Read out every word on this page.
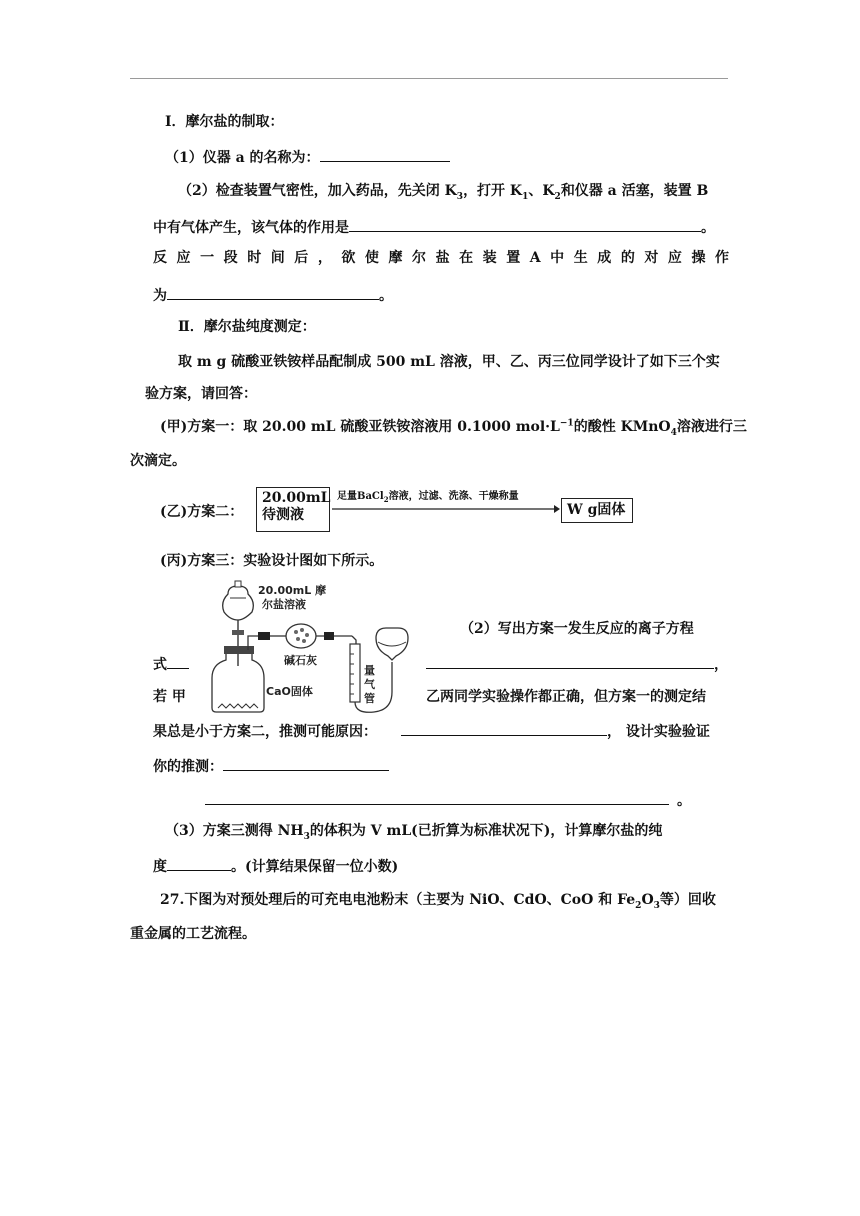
Ⅰ．摩尔盐的制取：
（1）仪器 a 的名称为：
（2）检查装置气密性，加入药品，先关闭 $K_3$，打开 $K_1$、$K_2$和仪器 a 活塞，装置 B
中有气体产生，该气体的作用是	。
反 应 一 段 时 间 后 ， 欲 使 摩 尔 盐 在 装 置 A 中 生 成 的 对 应 操 作
为	。
Ⅱ．摩尔盐纯度测定：
取 m g 硫酸亚铁铵样品配制成 500 mL 溶液，甲、乙、丙三位同学设计了如下三个实
验方案，请回答：
(甲)方案一：取 20.00 mL 硫酸亚铁铵溶液用 0.1000 $mol\cdot L^{-1}$的酸性 KMnO$_4$溶液进行三
次滴定。
(乙)方案二：
20.00mL
待测液
足量BaCl$_2$溶液，过滤、洗涤、干燥称量
W g固体
(丙)方案三：实验设计图如下所示。
20.00mL 摩
尔盐溶液
碱石灰
CaO固体
量
气
管
（2）写出方案一发生反应的离子方程
式	，
若 甲	乙两同学实验操作都正确，但方案一的测定结
果总是小于方案二，推测可能原因：	， 设计实验验证
你的推测：
。
（3）方案三测得 $NH_3$的体积为 V mL(已折算为标准状况下)，计算摩尔盐的纯
度	。(计算结果保留一位小数)
27.下图为对预处理后的可充电电池粉末（主要为 NiO、CdO、CoO 和 $Fe_2O_3$等）回收
重金属的工艺流程。
